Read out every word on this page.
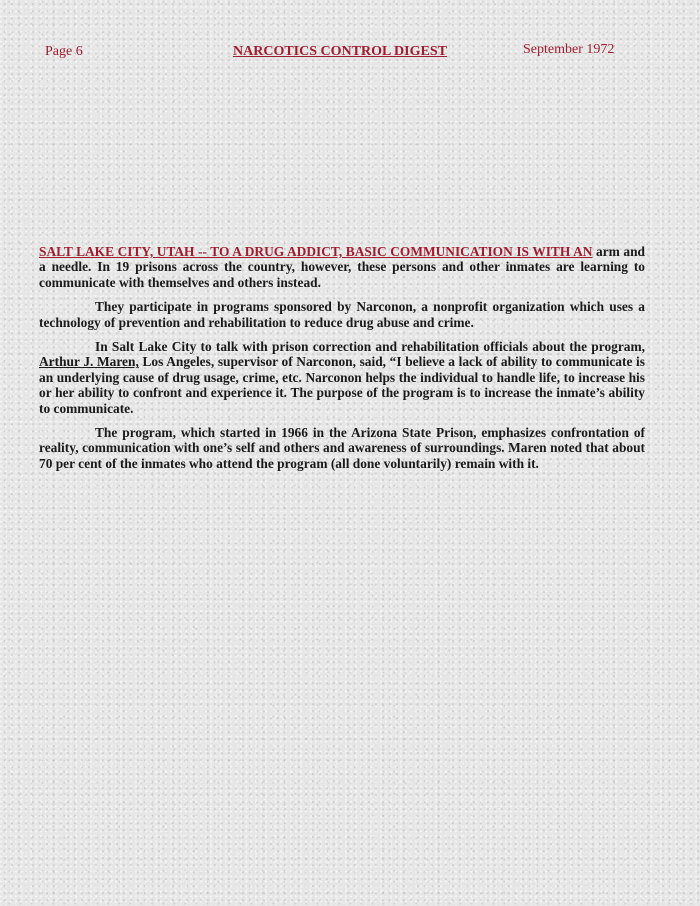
Page 6	NARCOTICS CONTROL DIGEST	September 1972

SALT LAKE CITY, UTAH -- TO A DRUG ADDICT, BASIC COMMUNICATION IS WITH AN arm and a needle. In 19 prisons across the country, however, these persons and other inmates are learning to communicate with themselves and others instead.

They participate in programs sponsored by Narconon, a nonprofit organization which uses a technology of prevention and rehabilitation to reduce drug abuse and crime.

In Salt Lake City to talk with prison correction and rehabilitation officials about the program, Arthur J. Maren, Los Angeles, supervisor of Narconon, said, “I believe a lack of ability to communicate is an underlying cause of drug usage, crime, etc. Narconon helps the individual to handle life, to increase his or her ability to confront and experience it. The purpose of the program is to increase the inmate’s ability to communicate.

The program, which started in 1966 in the Arizona State Prison, emphasizes confrontation of reality, communication with one’s self and others and awareness of surroundings. Maren noted that about 70 per cent of the inmates who attend the program (all done voluntarily) remain with it.
